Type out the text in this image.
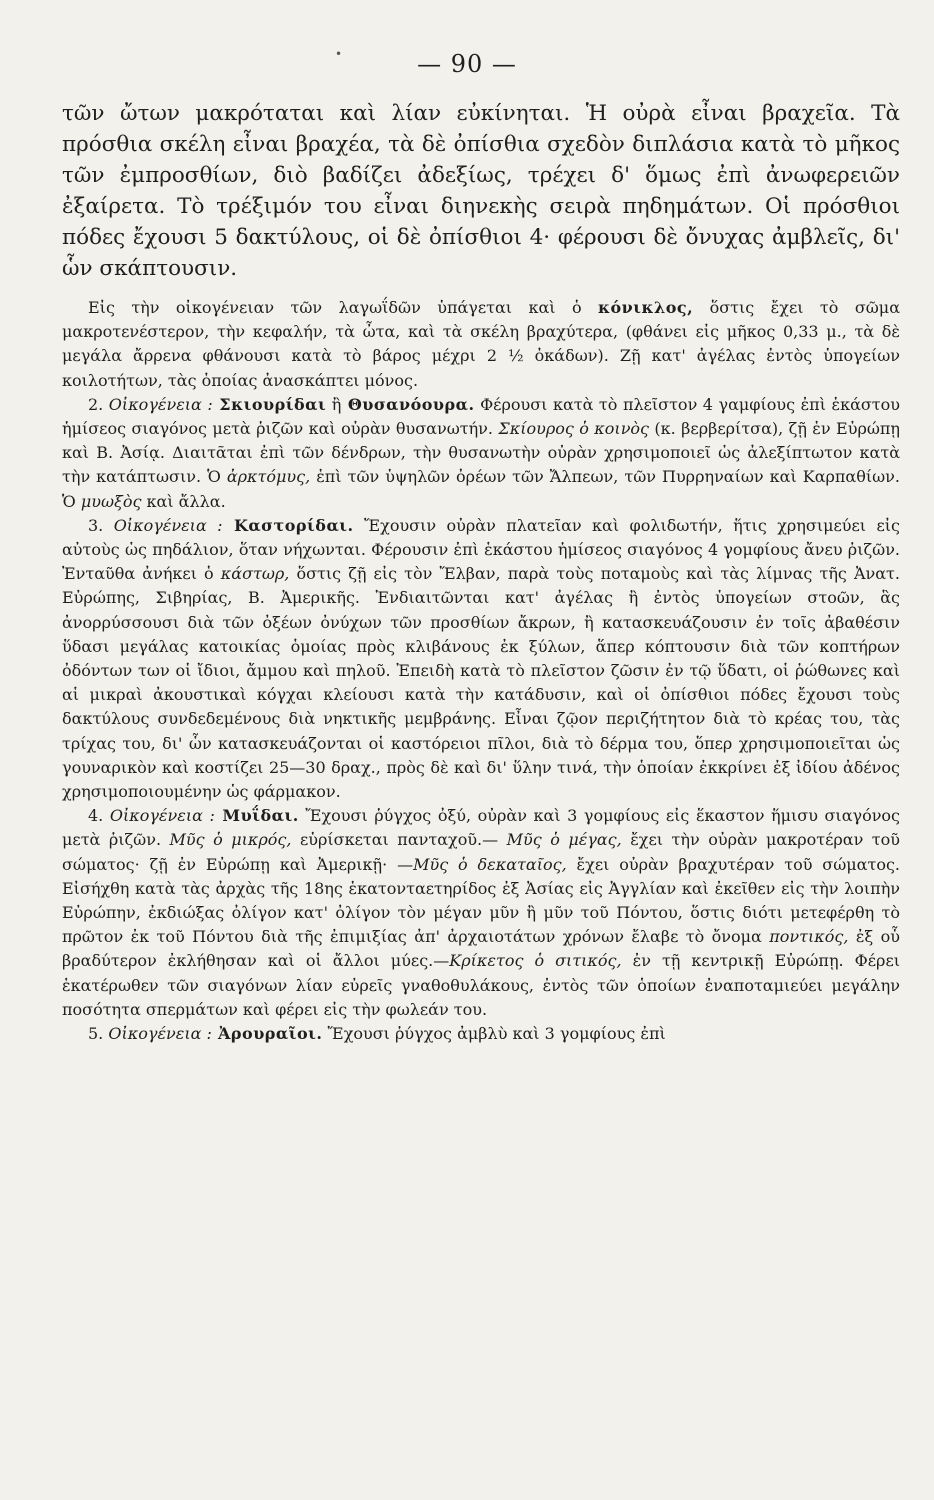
•	— 90 —

τῶν ὤτων μακρόταται καὶ λίαν εὐκίνηται. Ἡ οὐρὰ εἶναι βραχεῖα. Τὰ πρόσθια σκέλη εἶναι βραχέα, τὰ δὲ ὀπίσθια σχεδὸν διπλάσια κατὰ τὸ μῆκος τῶν ἐμπροσθίων, διὸ βαδίζει ἀδεξίως, τρέχει δ' ὅμως ἐπὶ ἀνωφερειῶν ἐξαίρετα. Τὸ τρέξιμόν του εἶναι διηνεκὴς σειρὰ πηδημάτων. Οἱ πρόσθιοι πόδες ἔχουσι 5 δακτύλους, οἱ δὲ ὀπίσθιοι 4· φέρουσι δὲ ὄνυχας ἀμβλεῖς, δι' ὧν σκάπτουσιν.

Εἰς τὴν οἰκογένειαν τῶν λαγωΐδῶν ὑπάγεται καὶ ὁ κόνικλος, ὅστις ἔχει τὸ σῶμα μακροτενέστερον, τὴν κεφαλήν, τὰ ὦτα, καὶ τὰ σκέλη βραχύτερα, (φθάνει εἰς μῆκος 0,33 μ., τὰ δὲ μεγάλα ἄρρενα φθάνουσι κατὰ τὸ βάρος μέχρι 2 ½ ὀκάδων). Ζῇ κατ' ἀγέλας ἐντὸς ὑπογείων κοιλοτήτων, τὰς ὁποίας ἀνασκάπτει μόνος.

2. Οἰκογένεια : Σκιουρίδαι ἢ Θυσανόουρα. Φέρουσι κατὰ τὸ πλεῖστον 4 γαμφίους ἐπὶ ἑκάστου ἡμίσεος σιαγόνος μετὰ ῥιζῶν καὶ οὐρὰν θυσανωτήν. Σκίουρος ὁ κοινὸς (κ. βερβερίτσα), ζῇ ἐν Εὐρώπῃ καὶ Β. Ἀσίᾳ. Διαιτᾶται ἐπὶ τῶν δένδρων, τὴν θυσανωτὴν οὐρὰν χρησιμοποιεῖ ὡς ἀλεξίπτωτον κατὰ τὴν κατάπτωσιν. Ὁ ἀρκτόμυς, ἐπὶ τῶν ὑψηλῶν ὀρέων τῶν Ἄλπεων, τῶν Πυρρηναίων καὶ Καρπαθίων. Ὁ μυωξὸς καὶ ἄλλα.

3. Οἰκογένεια : Καστορίδαι. Ἔχουσιν οὐρὰν πλατεῖαν καὶ φολιδωτήν, ἥτις χρησιμεύει εἰς αὐτοὺς ὡς πηδάλιον, ὅταν νήχωνται. Φέρουσιν ἐπὶ ἑκάστου ἡμίσεος σιαγόνος 4 γομφίους ἄνευ ῥιζῶν. Ἐνταῦθα ἀνήκει ὁ κάστωρ, ὅστις ζῇ εἰς τὸν Ἔλβαν, παρὰ τοὺς ποταμοὺς καὶ τὰς λίμνας τῆς Ἀνατ. Εὐρώπης, Σιβηρίας, Β. Ἀμερικῆς. Ἐνδιαιτῶνται κατ' ἀγέλας ἢ ἐντὸς ὑπογείων στοῶν, ἃς ἀνορρύσσουσι διὰ τῶν ὀξέων ὀνύχων τῶν προσθίων ἄκρων, ἢ κατασκευάζουσιν ἐν τοῖς ἀβαθέσιν ὕδασι μεγάλας κατοικίας ὁμοίας πρὸς κλιβάνους ἐκ ξύλων, ἅπερ κόπτουσιν διὰ τῶν κοπτήρων ὀδόντων των οἱ ἴδιοι, ἄμμου καὶ πηλοῦ. Ἐπειδὴ κατὰ τὸ πλεῖστον ζῶσιν ἐν τῷ ὕδατι, οἱ ῥώθωνες καὶ αἱ μικραὶ ἀκουστικαὶ κόγχαι κλείουσι κατὰ τὴν κατάδυσιν, καὶ οἱ ὀπίσθιοι πόδες ἔχουσι τοὺς δακτύλους συνδεδεμένους διὰ νηκτικῆς μεμβράνης. Εἶναι ζῷον περιζήτητον διὰ τὸ κρέας του, τὰς τρίχας του, δι' ὧν κατασκευάζονται οἱ καστόρειοι πῖλοι, διὰ τὸ δέρμα του, ὅπερ χρησιμοποιεῖται ὡς γουναρικὸν καὶ κοστίζει 25—30 δραχ., πρὸς δὲ καὶ δι' ὕλην τινά, τὴν ὁποίαν ἐκκρίνει ἐξ ἰδίου ἀδένος χρησιμοποιουμένην ὡς φάρμακον.

4. Οἰκογένεια : Μυΐδαι. Ἔχουσι ῥύγχος ὀξύ, οὐρὰν καὶ 3 γομφίους εἰς ἕκαστον ἥμισυ σιαγόνος μετὰ ῥιζῶν. Μῦς ὁ μικρός, εὑρίσκεται πανταχοῦ.— Μῦς ὁ μέγας, ἔχει τὴν οὐρὰν μακροτέραν τοῦ σώματος· ζῇ ἐν Εὐρώπῃ καὶ Ἀμερικῇ· —Μῦς ὁ δεκαταῖος, ἔχει οὐρὰν βραχυτέραν τοῦ σώματος. Εἰσήχθη κατὰ τὰς ἀρχὰς τῆς 18ης ἑκατονταετηρίδος ἐξ Ἀσίας εἰς Ἀγγλίαν καὶ ἐκεῖθεν εἰς τὴν λοιπὴν Εὐρώπην, ἐκδιώξας ὀλίγον κατ' ὀλίγον τὸν μέγαν μῦν ἢ μῦν τοῦ Πόντου, ὅστις διότι μετεφέρθη τὸ πρῶτον ἐκ τοῦ Πόντου διὰ τῆς ἐπιμιξίας ἀπ' ἀρχαιοτάτων χρόνων ἔλαβε τὸ ὄνομα ποντικός, ἐξ οὗ βραδύτερον ἐκλήθησαν καὶ οἱ ἄλλοι μύες.—Κρίκετος ὁ σιτικός, ἐν τῇ κεντρικῇ Εὐρώπῃ. Φέρει ἑκατέρωθεν τῶν σιαγόνων λίαν εὐρεῖς γναθοθυλάκους, ἐντὸς τῶν ὁποίων ἐναποταμιεύει μεγάλην ποσότητα σπερμάτων καὶ φέρει εἰς τὴν φωλεάν του.

5. Οἰκογένεια : Ἀρουραῖοι. Ἔχουσι ῥύγχος ἀμβλὺ καὶ 3 γομφίους ἐπὶ
